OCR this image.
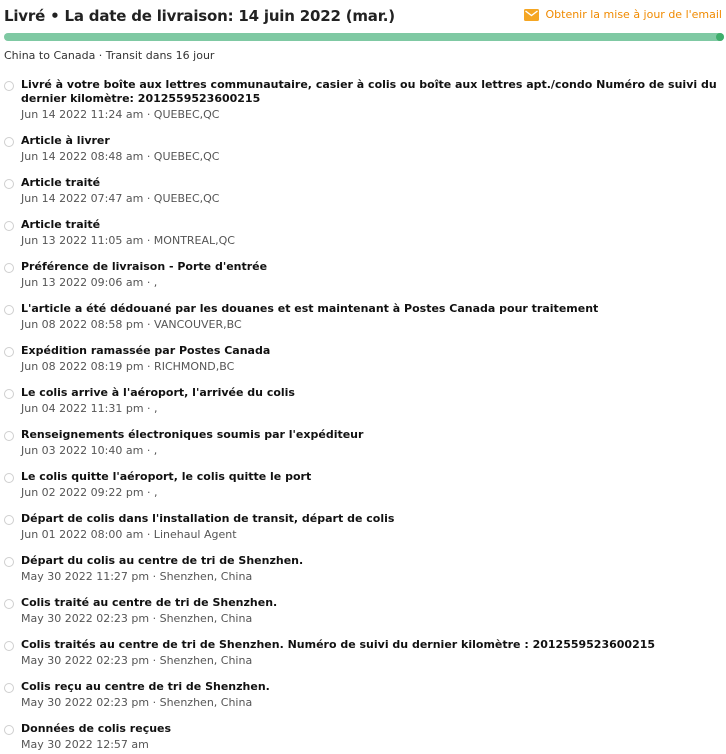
Livré • La date de livraison: 14 juin 2022 (mar.)	Obtenir la mise à jour de l'email
China to Canada · Transit dans 16 jour
Livré à votre boîte aux lettres communautaire, casier à colis ou boîte aux lettres apt./condo Numéro de suivi du dernier kilomètre: 2012559523600215
Jun 14 2022 11:24 am · QUEBEC,QC
Article à livrer
Jun 14 2022 08:48 am · QUEBEC,QC
Article traité
Jun 14 2022 07:47 am · QUEBEC,QC
Article traité
Jun 13 2022 11:05 am · MONTREAL,QC
Préférence de livraison - Porte d'entrée
Jun 13 2022 09:06 am · ,
L'article a été dédouané par les douanes et est maintenant à Postes Canada pour traitement
Jun 08 2022 08:58 pm · VANCOUVER,BC
Expédition ramassée par Postes Canada
Jun 08 2022 08:19 pm · RICHMOND,BC
Le colis arrive à l'aéroport, l'arrivée du colis
Jun 04 2022 11:31 pm · ,
Renseignements électroniques soumis par l'expéditeur
Jun 03 2022 10:40 am · ,
Le colis quitte l'aéroport, le colis quitte le port
Jun 02 2022 09:22 pm · ,
Départ de colis dans l'installation de transit, départ de colis
Jun 01 2022 08:00 am · Linehaul Agent
Départ du colis au centre de tri de Shenzhen.
May 30 2022 11:27 pm · Shenzhen, China
Colis traité au centre de tri de Shenzhen.
May 30 2022 02:23 pm · Shenzhen, China
Colis traités au centre de tri de Shenzhen. Numéro de suivi du dernier kilomètre : 2012559523600215
May 30 2022 02:23 pm · Shenzhen, China
Colis reçu au centre de tri de Shenzhen.
May 30 2022 02:23 pm · Shenzhen, China
Données de colis reçues
May 30 2022 12:57 am
